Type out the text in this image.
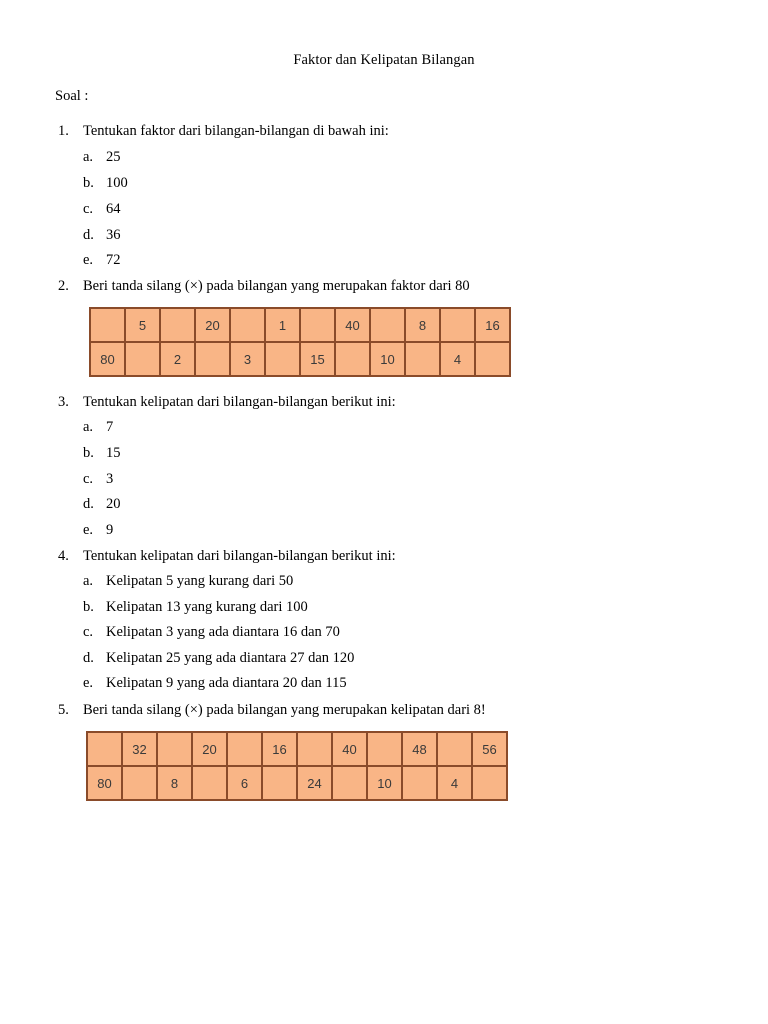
Faktor dan Kelipatan Bilangan
Soal :
1. Tentukan faktor dari bilangan-bilangan di bawah ini:
a. 25
b. 100
c. 64
d. 36
e. 72
2. Beri tanda silang (×) pada bilangan yang merupakan faktor dari 80
	5		20		1		40		8		16
80		2		3		15		10		4	
3. Tentukan kelipatan dari bilangan-bilangan berikut ini:
a. 7
b. 15
c. 3
d. 20
e. 9
4. Tentukan kelipatan dari bilangan-bilangan berikut ini:
a. Kelipatan 5 yang kurang dari 50
b. Kelipatan 13 yang kurang dari 100
c. Kelipatan 3 yang ada diantara 16 dan 70
d. Kelipatan 25 yang ada diantara 27 dan 120
e. Kelipatan 9 yang ada diantara 20 dan 115
5. Beri tanda silang (×) pada bilangan yang merupakan kelipatan dari 8!
	32		20		16		40		48		56
80		8		6		24		10		4	
